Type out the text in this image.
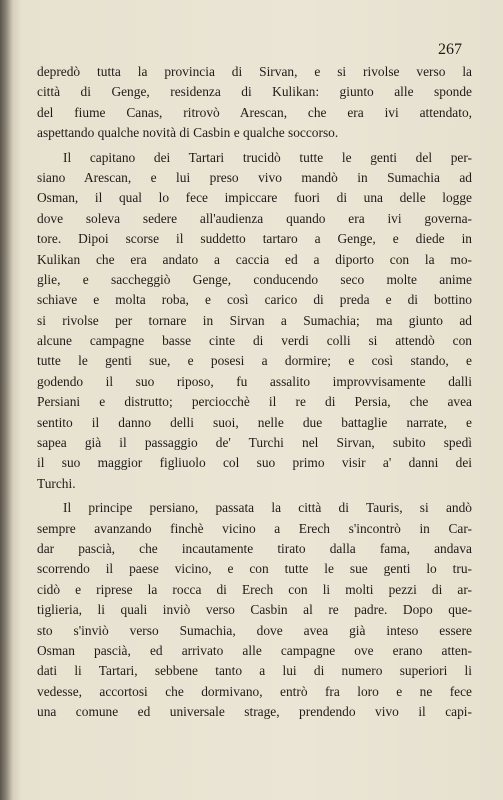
267
depredò tutta la provincia di Sirvan, e si rivolse verso la
città di Genge, residenza di Kulikan: giunto alle sponde
del fiume Canas, ritrovò Arescan, che era ivi attendato,
aspettando qualche novità di Casbin e qualche soccorso.
Il capitano dei Tartari trucidò tutte le genti del per-
siano Arescan, e lui preso vivo mandò in Sumachia ad
Osman, il qual lo fece impiccare fuori di una delle logge
dove soleva sedere all'audienza quando era ivi governa-
tore. Dipoi scorse il suddetto tartaro a Genge, e diede in
Kulikan che era andato a caccia ed a diporto con la mo-
glie, e saccheggiò Genge, conducendo seco molte anime
schiave e molta roba, e così carico di preda e di bottino
si rivolse per tornare in Sirvan a Sumachia; ma giunto ad
alcune campagne basse cinte di verdi colli si attendò con
tutte le genti sue, e posesi a dormire; e così stando, e
godendo il suo riposo, fu assalito improvvisamente dalli
Persiani e distrutto; perciocchè il re di Persia, che avea
sentito il danno delli suoi, nelle due battaglie narrate, e
sapea già il passaggio de' Turchi nel Sirvan, subito spedì
il suo maggior figliuolo col suo primo visir a' danni dei
Turchi.
Il principe persiano, passata la città di Tauris, si andò
sempre avanzando finchè vicino a Erech s'incontrò in Car-
dar pascià, che incautamente tirato dalla fama, andava
scorrendo il paese vicino, e con tutte le sue genti lo tru-
cidò e riprese la rocca di Erech con li molti pezzi di ar-
tiglieria, li quali inviò verso Casbin al re padre. Dopo que-
sto s'inviò verso Sumachia, dove avea già inteso essere
Osman pascià, ed arrivato alle campagne ove erano atten-
dati li Tartari, sebbene tanto a lui di numero superiori li
vedesse, accortosi che dormivano, entrò fra loro e ne fece
una comune ed universale strage, prendendo vivo il capi-
